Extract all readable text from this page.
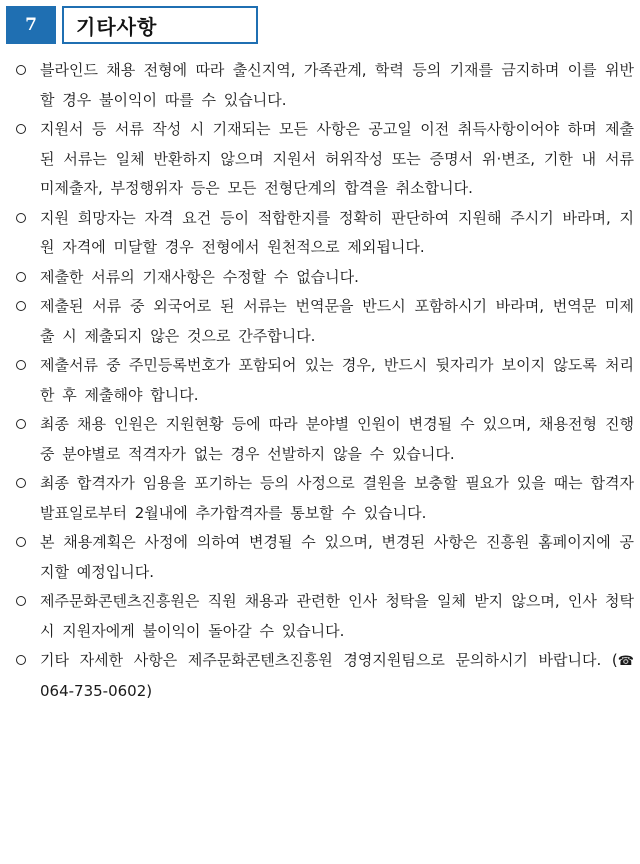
7	기타사항
블라인드 채용 전형에 따라 출신지역, 가족관계, 학력 등의 기재를 금지하며 이를 위반할 경우 불이익이 따를 수 있습니다.
지원서 등 서류 작성 시 기재되는 모든 사항은 공고일 이전 취득사항이어야 하며 제출된 서류는 일체 반환하지 않으며 지원서 허위작성 또는 증명서 위·변조, 기한 내 서류 미제출자, 부정행위자 등은 모든 전형단계의 합격을 취소합니다.
지원 희망자는 자격 요건 등이 적합한지를 정확히 판단하여 지원해 주시기 바라며, 지원 자격에 미달할 경우 전형에서 원천적으로 제외됩니다.
제출한 서류의 기재사항은 수정할 수 없습니다.
제출된 서류 중 외국어로 된 서류는 번역문을 반드시 포함하시기 바라며, 번역문 미제출 시 제출되지 않은 것으로 간주합니다.
제출서류 중 주민등록번호가 포함되어 있는 경우, 반드시 뒷자리가 보이지 않도록 처리한 후 제출해야 합니다.
최종 채용 인원은 지원현황 등에 따라 분야별 인원이 변경될 수 있으며, 채용전형 진행 중 분야별로 적격자가 없는 경우 선발하지 않을 수 있습니다.
최종 합격자가 임용을 포기하는 등의 사정으로 결원을 보충할 필요가 있을 때는 합격자 발표일로부터 2월내에 추가합격자를 통보할 수 있습니다.
본 채용계획은 사정에 의하여 변경될 수 있으며, 변경된 사항은 진흥원 홈페이지에 공지할 예정입니다.
제주문화콘텐츠진흥원은 직원 채용과 관련한 인사 청탁을 일체 받지 않으며, 인사 청탁 시 지원자에게 불이익이 돌아갈 수 있습니다.
기타 자세한 사항은 제주문화콘텐츠진흥원 경영지원팀으로 문의하시기 바랍니다. (☎ 064-735-0602)
